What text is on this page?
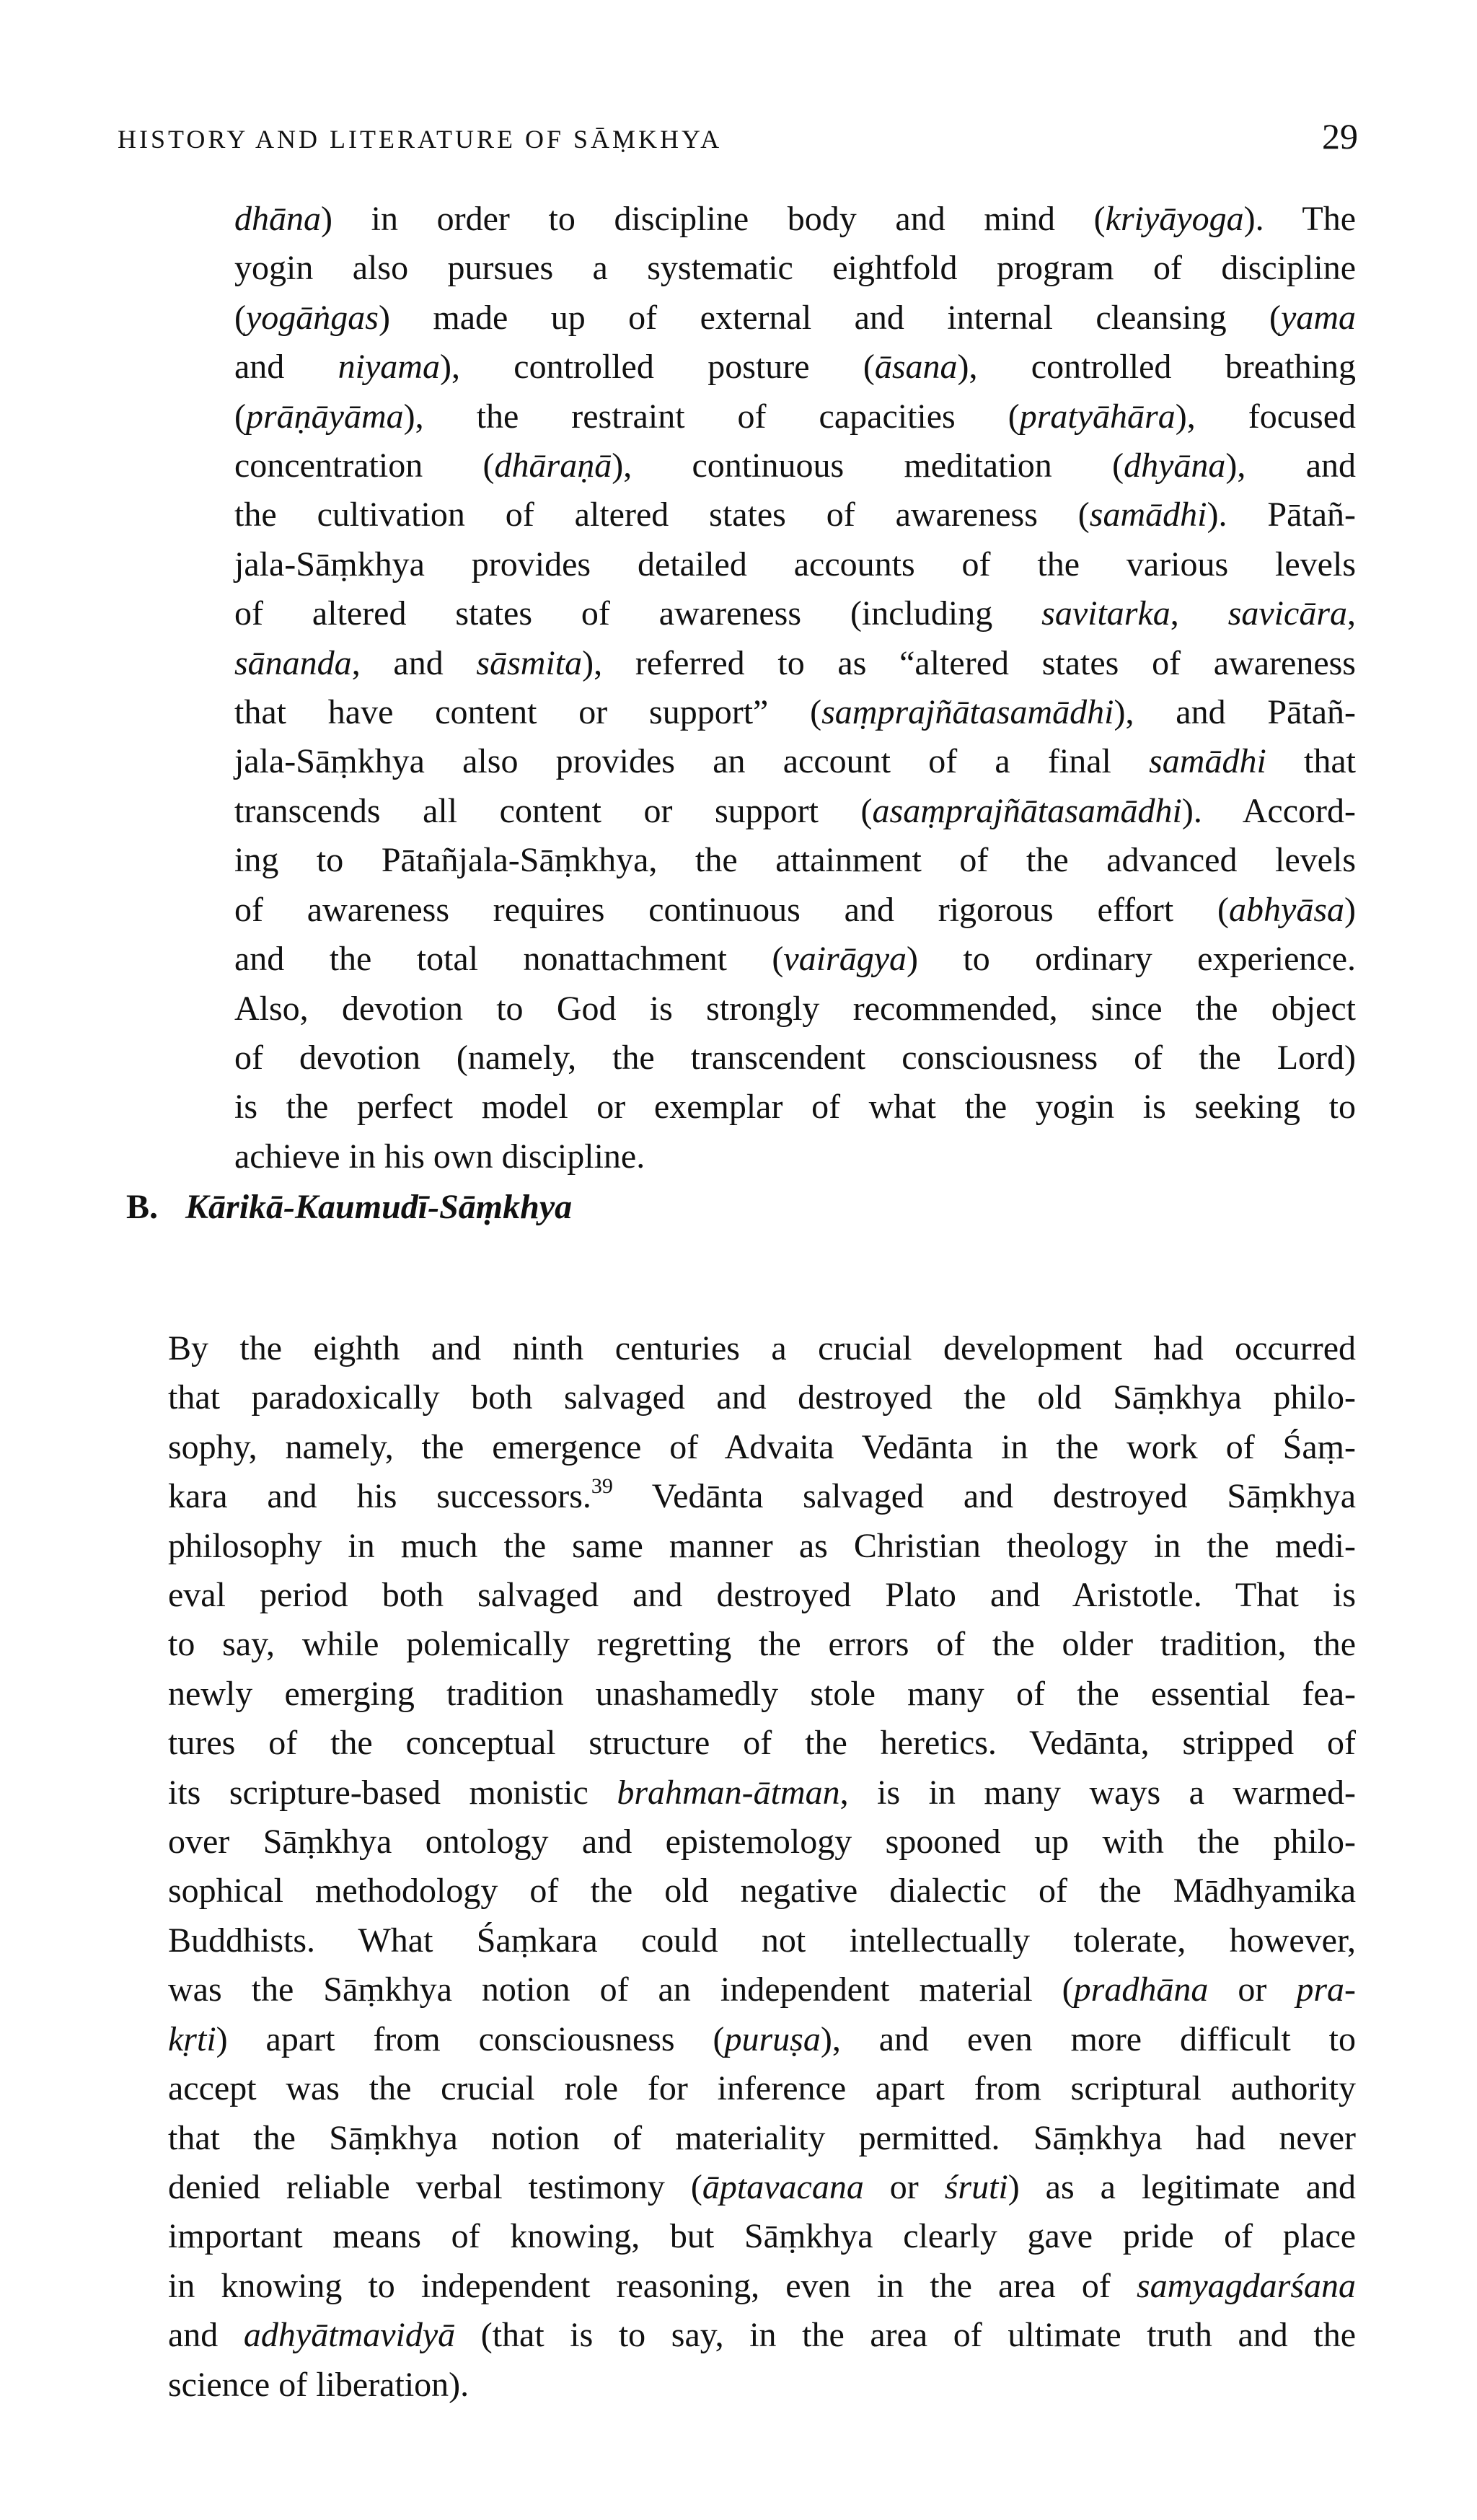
HISTORY AND LITERATURE OF SĀṂKHYA	29
dhāna) in order to discipline body and mind (kriyāyoga). The
yogin also pursues a systematic eightfold program of discipline
(yogāṅgas) made up of external and internal cleansing (yama
and niyama), controlled posture (āsana), controlled breathing
(prāṇāyāma), the restraint of capacities (pratyāhāra), focused
concentration (dhāraṇā), continuous meditation (dhyāna), and
the cultivation of altered states of awareness (samādhi). Pātañ-
jala-Sāṃkhya provides detailed accounts of the various levels
of altered states of awareness (including savitarka, savicāra,
sānanda, and sāsmita), referred to as “altered states of awareness
that have content or support” (saṃprajñātasamādhi), and Pātañ-
jala-Sāṃkhya also provides an account of a final samādhi that
transcends all content or support (asaṃprajñātasamādhi). Accord-
ing to Pātañjala-Sāṃkhya, the attainment of the advanced levels
of awareness requires continuous and rigorous effort (abhyāsa)
and the total nonattachment (vairāgya) to ordinary experience.
Also, devotion to God is strongly recommended, since the object
of devotion (namely, the transcendent consciousness of the Lord)
is the perfect model or exemplar of what the yogin is seeking to
achieve in his own discipline.
B. Kārikā-Kaumudī-Sāṃkhya
By the eighth and ninth centuries a crucial development had occurred
that paradoxically both salvaged and destroyed the old Sāṃkhya philo-
sophy, namely, the emergence of Advaita Vedānta in the work of Śaṃ-
kara and his successors.$^{39}$ Vedānta salvaged and destroyed Sāṃkhya
philosophy in much the same manner as Christian theology in the medi-
eval period both salvaged and destroyed Plato and Aristotle. That is
to say, while polemically regretting the errors of the older tradition, the
newly emerging tradition unashamedly stole many of the essential fea-
tures of the conceptual structure of the heretics. Vedānta, stripped of
its scripture-based monistic brahman-ātman, is in many ways a warmed-
over Sāṃkhya ontology and epistemology spooned up with the philo-
sophical methodology of the old negative dialectic of the Mādhyamika
Buddhists. What Śaṃkara could not intellectually tolerate, however,
was the Sāṃkhya notion of an independent material (pradhāna or pra-
kṛti) apart from consciousness (puruṣa), and even more difficult to
accept was the crucial role for inference apart from scriptural authority
that the Sāṃkhya notion of materiality permitted. Sāṃkhya had never
denied reliable verbal testimony (āptavacana or śruti) as a legitimate and
important means of knowing, but Sāṃkhya clearly gave pride of place
in knowing to independent reasoning, even in the area of samyagdarśana
and adhyātmavidyā (that is to say, in the area of ultimate truth and the
science of liberation).
